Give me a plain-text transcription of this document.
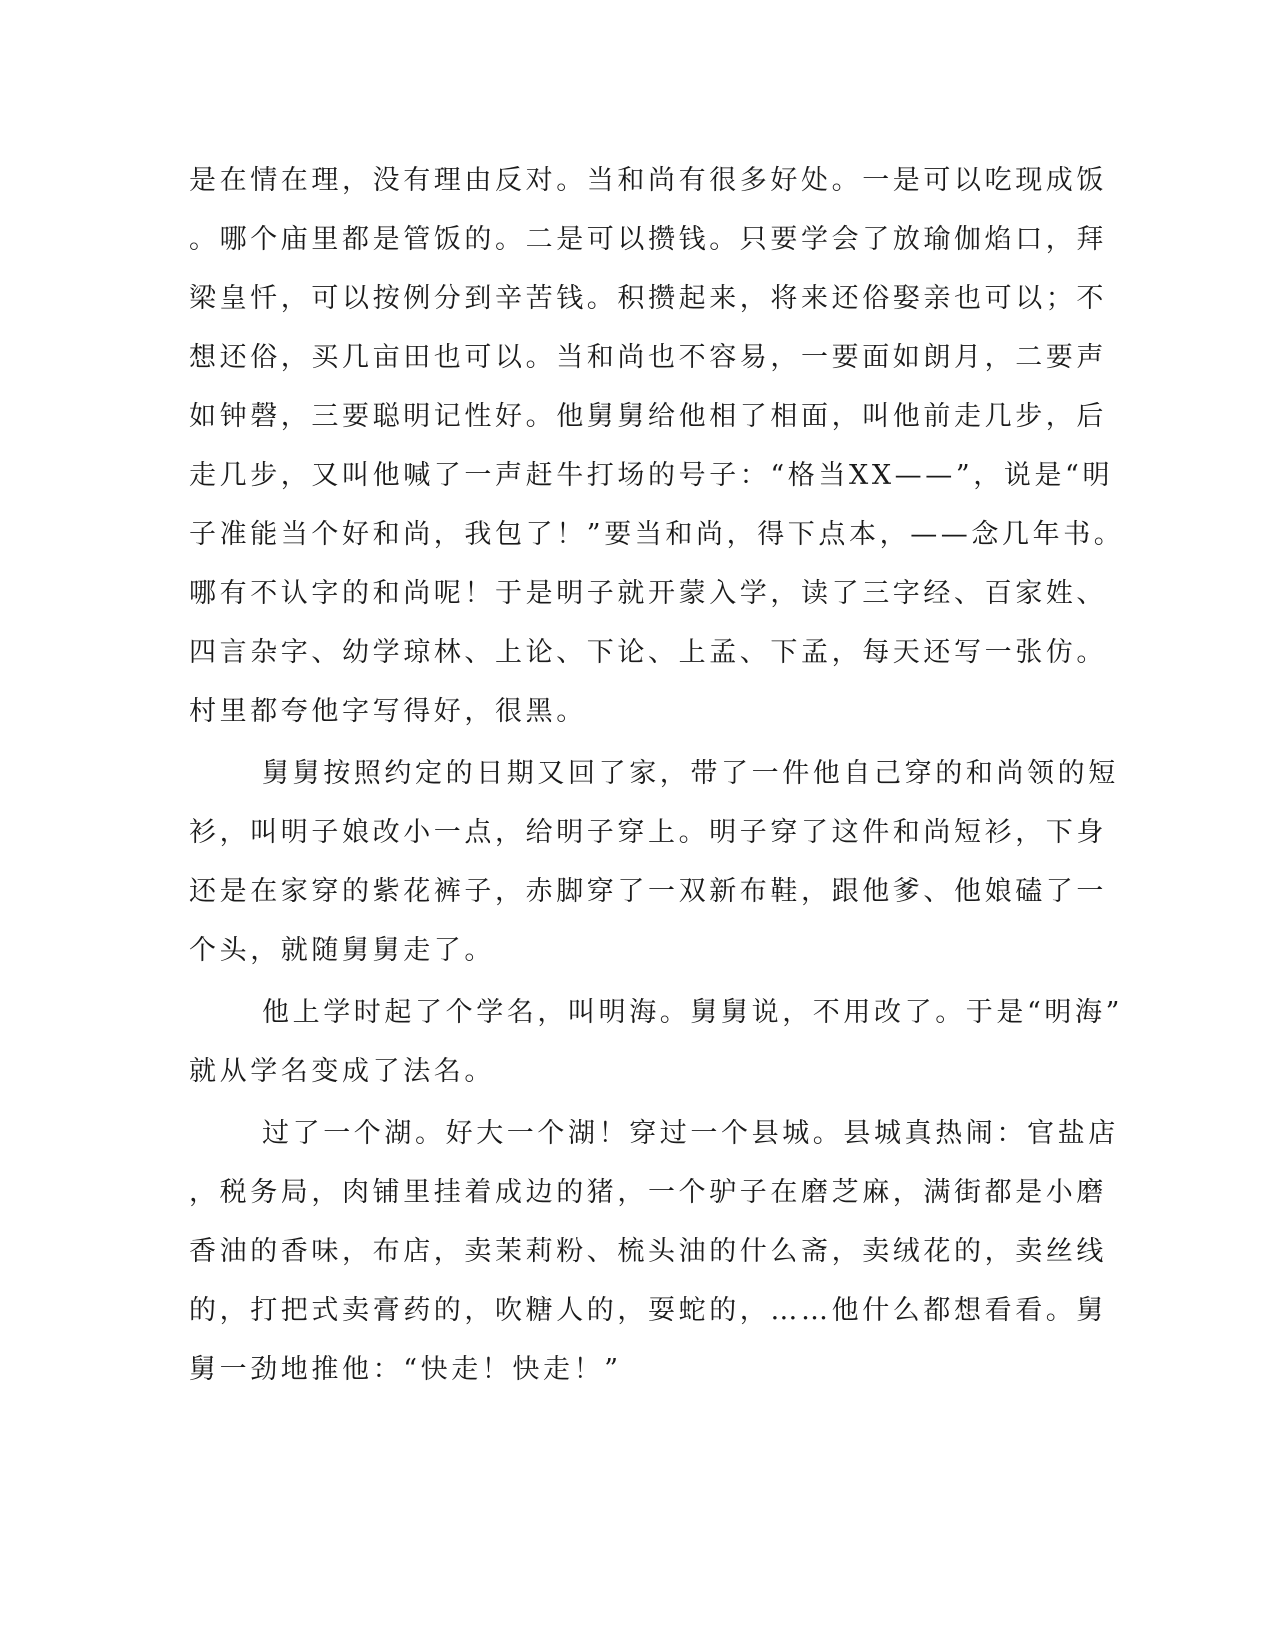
是在情在理，没有理由反对。当和尚有很多好处。一是可以吃现成饭

。哪个庙里都是管饭的。二是可以攒钱。只要学会了放瑜伽焰口，拜

梁皇忏，可以按例分到辛苦钱。积攒起来，将来还俗娶亲也可以；不

想还俗，买几亩田也可以。当和尚也不容易，一要面如朗月，二要声

如钟磬，三要聪明记性好。他舅舅给他相了相面，叫他前走几步，后

走几步，又叫他喊了一声赶牛打场的号子：“格当XX——”，说是“明

子准能当个好和尚，我包了！”要当和尚，得下点本，——念几年书。

哪有不认字的和尚呢！于是明子就开蒙入学，读了三字经、百家姓、

四言杂字、幼学琼林、上论、下论、上孟、下孟，每天还写一张仿。

村里都夸他字写得好，很黑。

舅舅按照约定的日期又回了家，带了一件他自己穿的和尚领的短

衫，叫明子娘改小一点，给明子穿上。明子穿了这件和尚短衫，下身

还是在家穿的紫花裤子，赤脚穿了一双新布鞋，跟他爹、他娘磕了一

个头，就随舅舅走了。

他上学时起了个学名，叫明海。舅舅说，不用改了。于是“明海”

就从学名变成了法名。

过了一个湖。好大一个湖！穿过一个县城。县城真热闹：官盐店

，税务局，肉铺里挂着成边的猪，一个驴子在磨芝麻，满街都是小磨

香油的香味，布店，卖茉莉粉、梳头油的什么斋，卖绒花的，卖丝线

的，打把式卖膏药的，吹糖人的，耍蛇的，……他什么都想看看。舅

舅一劲地推他：“快走！快走！”
